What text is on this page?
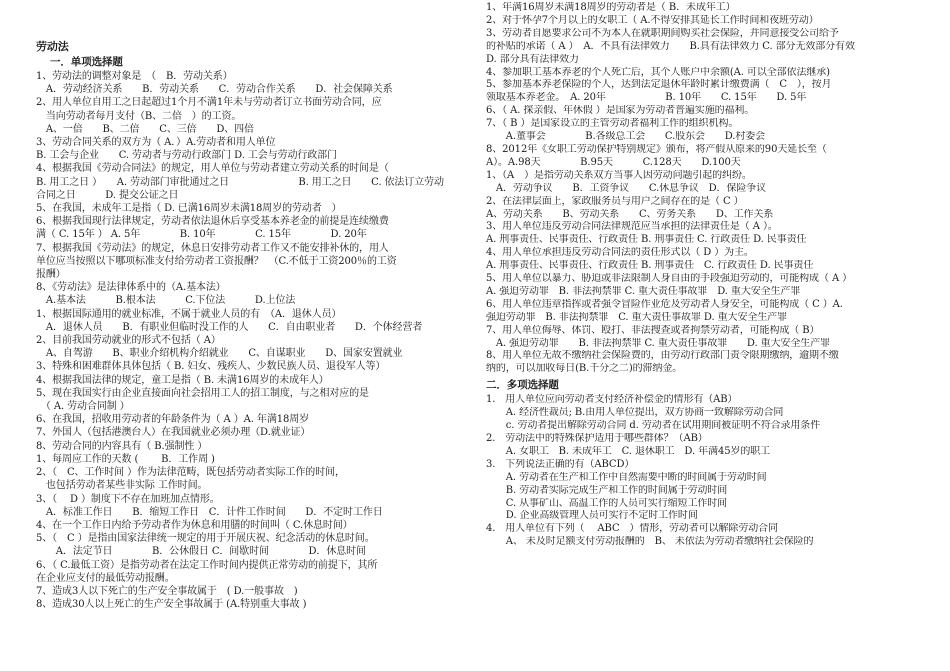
劳动法
一．单项选择题
1、劳动法的调整对象是　（　B．劳动关系）
　A．劳动经济关系　　B．劳动关系　　C．劳动合作关系　　D．社会保障关系
2、用人单位自用工之日起超过1个月不满1年未与劳动者订立书面劳动合同，应
　当向劳动者每月支付（B、二倍　）的工资。
　A、一倍　　B、二倍　　C、三倍　　D、四倍
3、劳动合同关系的双方为（ A．）A.劳动者和用人单位
B. 工会与企业　　C. 劳动者与劳动行政部门 D. 工会与劳动行政部门
4、根据我国《劳动合同法》的规定，用人单位与劳动者建立劳动关系的时间是（
B. 用工之日 ）　　A. 劳动部门审批通过之日　　　　　　　B. 用工之日　　C. 依法订立劳动
合同之日　　　D. 提交公证之日
5、在我国，未成年工是指（ D. 已满16周岁未满18周岁的劳动者　）
6、根据我国现行法律规定，劳动者依法退休后享受基本养老金的前提是连续缴费
满（ C. 15年 ） A. 5年　　　　B. 10年　　　　C. 15年　　　　D. 20年
7、根据我国《劳动法》的规定，休息日安排劳动者工作又不能安排补休的，用人
单位应当按照以下哪项标准支付给劳动者工资报酬？　（C.不低于工资200％的工资
报酬）
8、《劳动法》是法律体系中的（A.基本法）
　A.基本法　　　B.根本法　　　C.下位法　　　D.上位法
1、根据国际通用的就业标准，不属于就业人员的有　（A．退休人员）
　A．退休人员　　B．有职业但临时没工作的人　　C．自由职业者　　D．个体经营者
2、目前我国劳动就业的形式不包括（ A）
　A、自驾游　　B、职业介绍机构介绍就业　　C、自谋职业　　D、国家安置就业
3、特殊和困难群体具体包括（ B. 妇女、残疾人、少数民族人员、退役军人等）
4、根据我国法律的规定，童工是指（ B. 未满16周岁的未成年人）
5、现在我国实行由企业直接面向社会招用工人的招工制度，与之相对应的是
　（ A. 劳动合同制 ）
6、在我国，招收用劳动者的年龄条件为（ A ）A. 年满18周岁
7、外国人（包括港澳台人）在我国就业必须办理（D.就业证）
8、劳动合同的内容具有（ B.强制性 ）
1、每周应工作的天数 ( 　　B．工作周 )
2、（　C、工作时间 ）作为法律范畴，既包括劳动者实际工作的时间，
　也包括劳动者某些非实际 工作时间。
3、（　 D ）制度下不存在加班加点情形。
　A．标准工作日　　B．缩短工作日　C．计件工作时间　　D．不定时工作日
4、在一个工作日内给予劳动者作为休息和用膳的时间叫（ C.休息时间）
5、（　C ）是指由国家法律统一规定的用于开展庆祝、纪念活动的休息时间。
　　A．法定节日　　　　B．公休假日 C．间歇时间　　　　D．休息时间
6、（ C.最低工资）是指劳动者在法定工作时间内提供正常劳动的前提下，其所
在企业应支付的最低劳动报酬。
7、造成3人以下死亡的生产安全事故属于　( D.一般事故　)
8、造成30人以上死亡的生产安全事故属于 (A.特别重大事故 )
1、年满16周岁未满18周岁的劳动者是（ B．未成年工）
2、对于怀孕7个月以上的女职工（ A.不得安排其延长工作时间和夜班劳动）
3、劳动者自愿要求公司不为本人在就职期间购买社会保险，并同意接受公司给予
的补贴的承诺（ A ）　A．不具有法律效力　　B.具有法律效力 C. 部分无效部分有效
D. 部分具有法律效力
4、参加职工基本养老的个人死亡后，其个人账户中余额(A. 可以全部依法继承)
5、参加基本养老保险的个人，达到法定退休年龄时累计缴费满（　C　），按月
领取基本养老金。　A. 20年　　　　　　B. 10年　　C. 15年　　D. 5年
6、（ A. 探亲假、年休假 ）是国家为劳动者普遍实施的福利。
7、（ B ）是国家设立的主管劳动者福利工作的组织机构。
　　A.董事会　　　　B.各级总工会　　C.股东会　　D.村委会
8、2012年《女职工劳动保护特别规定》颁布，将产假从原来的90天延长至（
A）。A.98天　　　　B.95天　　　C.128天　　D.100天
1、（A　）是指劳动关系双方当事人因劳动问题引起的纠纷。
　A．劳动争议　　B．工资争议　　C.休息争议　D．保险争议
2、在法律层面上，家政服务员与用户之间存在的是（ C ）
A、劳动关系　　B、劳动关系　　C、劳务关系　　D、工作关系
3、用人单位违反劳动合同法律规范应当承担的法律责任是（ A ）。
A. 刑事责任、民事责任、行政责任 B. 刑事责任 C. 行政责任 D. 民事责任
4、用人单位承担违反劳动合同法的责任形式以（ D ）为主。
A. 刑事责任、民事责任、行政责任 B. 刑事责任　C. 行政责任 D. 民事责任
5、用人单位以暴力、胁迫或非法限制人身自由的手段强迫劳动的，可能构成（ A ）
A. 强迫劳动罪　B. 非法拘禁罪 C. 重大责任事故罪　D. 重大安全生产罪
6、用人单位违章指挥或者强令冒险作业危及劳动者人身安全，可能构成（ C ）A.
强迫劳动罪　B. 非法拘禁罪　C. 重大责任事故罪 D. 重大安全生产罪
7、用人单位侮辱、体罚、殴打、非法搜查或者拘禁劳动者，可能构成（ B）
　A. 强迫劳动罪　　B. 非法拘禁罪 C. 重大责任事故罪　　D. 重大安全生产罪
8、用人单位无故不缴纳社会保险费的，由劳动行政部门责令限期缴纳，逾期不缴
纳的，可以加收每日(B.千分之二)的滞纳金。
二．多项选择题
1.　用人单位应向劳动者支付经济补偿金的情形有（AB）
　　A. 经济性裁员; B.由用人单位提出，双方协商一致解除劳动合同
　　c. 劳动者提出解除劳动合同 d. 劳动者在试用期间被证明不符合录用条件
2.　劳动法中的特殊保护适用于哪些群体？（AB）
　　A. 女职工　B. 未成年工　C. 退休职工　D. 年满45岁的职工
3.　下列说法正确的有（ABCD）
　　A. 劳动者在生产和工作中自然需要中断的时间属于劳动时间
　　B. 劳动者实际完成生产和工作的时间属于劳动时间
　　C. 从事矿山、高温工作的人员可实行缩短工作时间
　　D. 企业高级管理人员可实行不定时工作时间
4.　用人单位有下列（　 ABC　）情形，劳动者可以解除劳动合同
　　A、 未及时足额支付劳动报酬的　B、 未依法为劳动者缴纳社会保险的
